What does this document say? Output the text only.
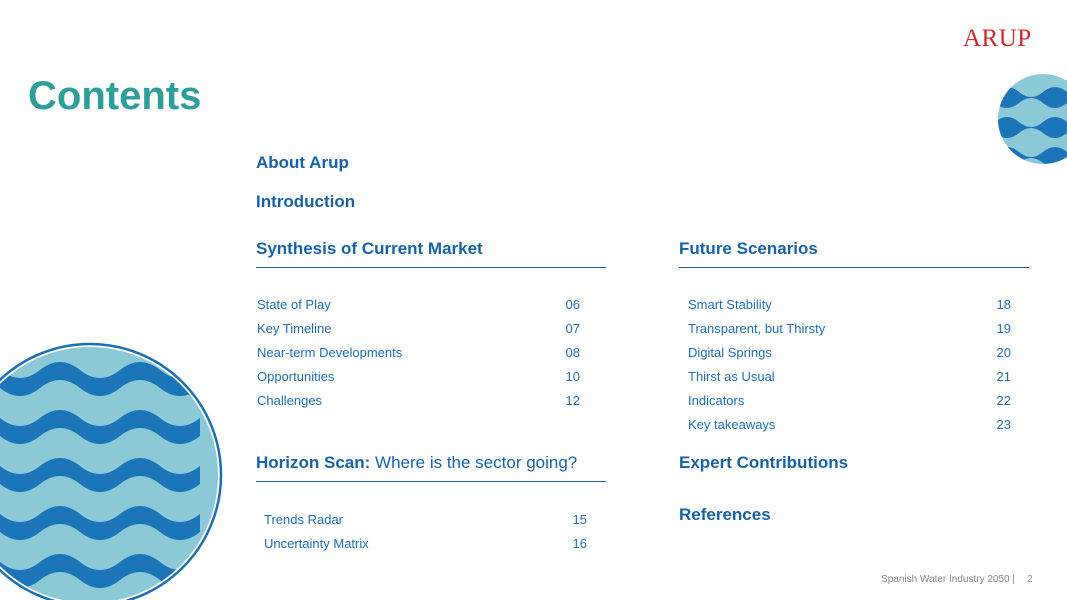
ARUP
Contents
About Arup
Introduction
Synthesis of Current Market
State of Play	06
Key Timeline	07
Near-term Developments	08
Opportunities	10
Challenges	12
Horizon Scan: Where is the sector going?
Trends Radar	15
Uncertainty Matrix	16
Future Scenarios
Smart Stability	18
Transparent, but Thirsty	19
Digital Springs	20
Thirst as Usual	21
Indicators	22
Key takeaways	23
Expert Contributions
References
Spanish Water Industry 2050 | 2
